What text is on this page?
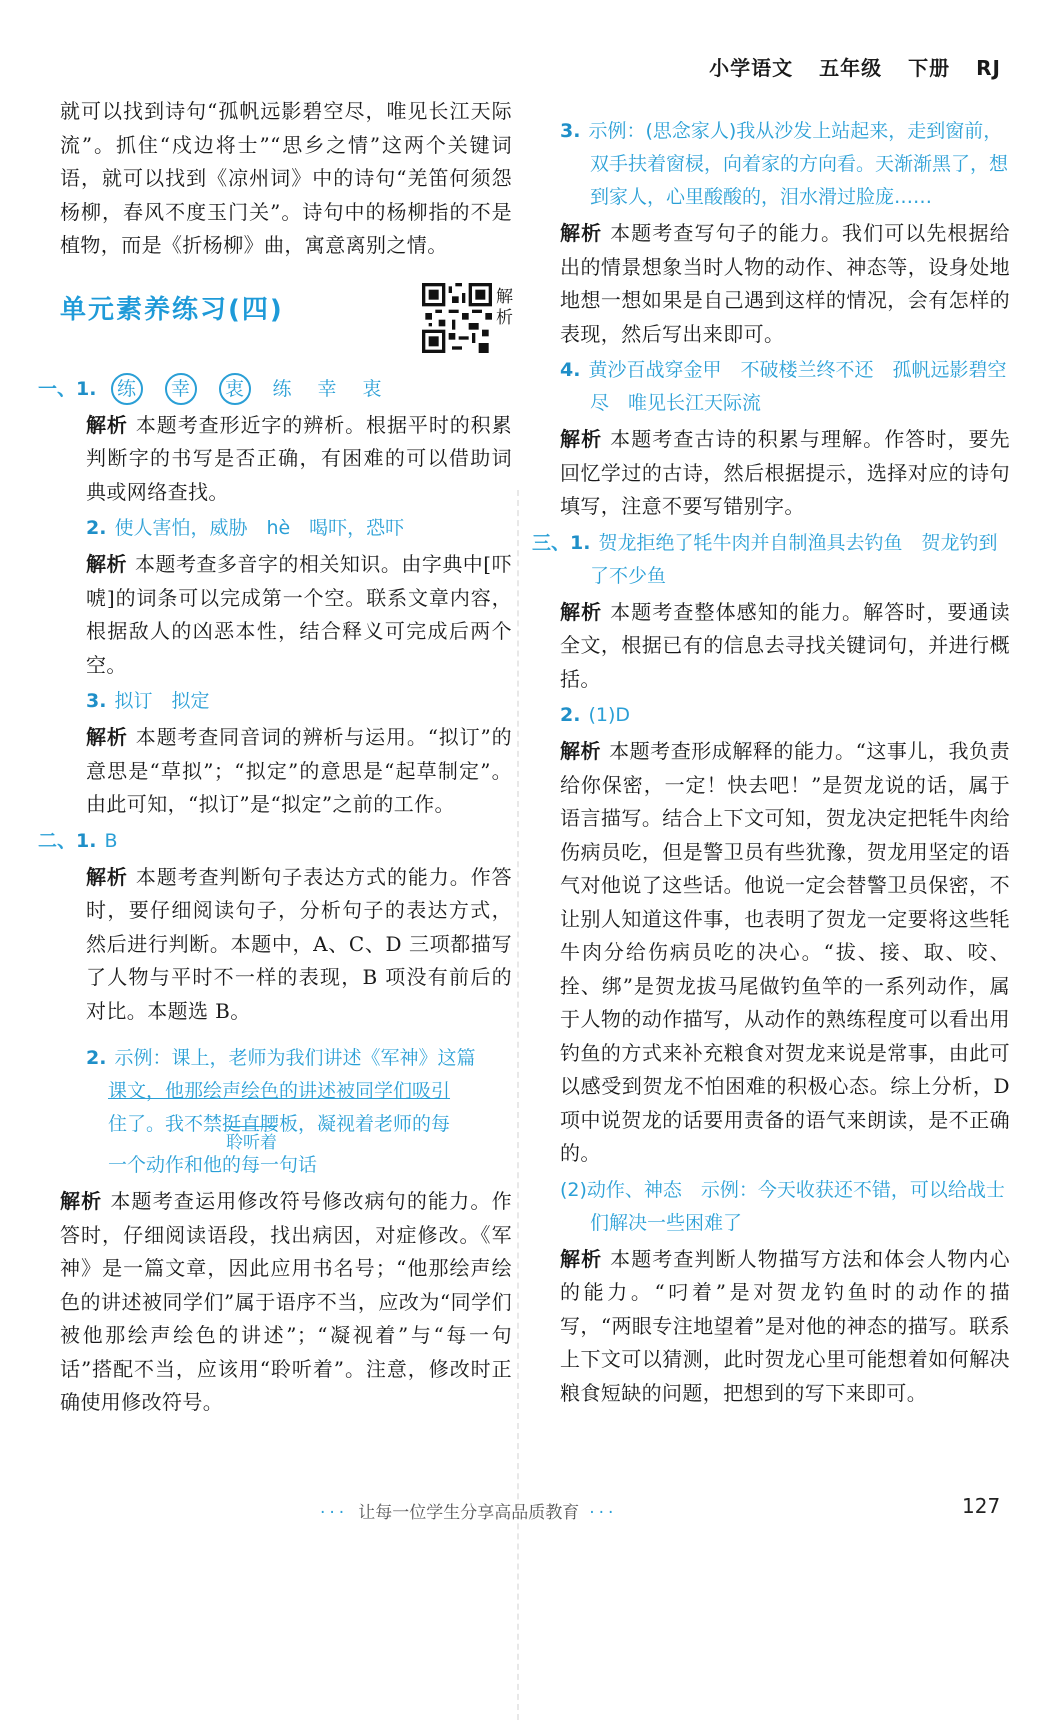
小学语文 五年级 下册 RJ

就可以找到诗句“孤帆远影碧空尽，唯见长江天际流”。抓住“戍边将士”“思乡之情”这两个关键词语，就可以找到《凉州词》中的诗句“羌笛何须怨杨柳，春风不度玉门关”。诗句中的杨柳指的不是植物，而是《折杨柳》曲，寓意离别之情。

单元素养练习(四)	解析
一、1. 练 幸 衷 练 幸 衷

解析 本题考查形近字的辨析。根据平时的积累判断字的书写是否正确，有困难的可以借助词典或网络查找。

2. 使人害怕，威胁　hè　喝吓，恐吓

解析 本题考查多音字的相关知识。由字典中[吓唬]的词条可以完成第一个空。联系文章内容，根据敌人的凶恶本性，结合释义可完成后两个空。

3. 拟订　拟定

解析 本题考查同音词的辨析与运用。“拟订”的意思是“草拟”；“拟定”的意思是“起草制定”。由此可知，“拟订”是“拟定”之前的工作。

二、1. B

解析 本题考查判断句子表达方式的能力。作答时，要仔细阅读句子，分析句子的表达方式，然后进行判断。本题中，A、C、D 三项都描写了人物与平时不一样的表现，B 项没有前后的对比。本题选 B。

2. 示例：课上，老师为我们讲述《军神》这篇
课文，他那绘声绘色的讲述被同学们吸引
住了。我不禁挺直腰板，凝视着老师的每
聆听着
一个动作和他的每一句话

解析 本题考查运用修改符号修改病句的能力。作答时，仔细阅读语段，找出病因，对症修改。《军神》是一篇文章，因此应用书名号；“他那绘声绘色的讲述被同学们”属于语序不当，应改为“同学们被他那绘声绘色的讲述”；“凝视着”与“每一句话”搭配不当，应该用“聆听着”。注意，修改时正确使用修改符号。

3. 示例：(思念家人)我从沙发上站起来，走到窗前，双手扶着窗棂，向着家的方向看。天渐渐黑了，想到家人，心里酸酸的，泪水滑过脸庞……

解析 本题考查写句子的能力。我们可以先根据给出的情景想象当时人物的动作、神态等，设身处地地想一想如果是自己遇到这样的情况，会有怎样的表现，然后写出来即可。

4. 黄沙百战穿金甲　不破楼兰终不还　孤帆远影碧空尽　唯见长江天际流

解析 本题考查古诗的积累与理解。作答时，要先回忆学过的古诗，然后根据提示，选择对应的诗句填写，注意不要写错别字。

三、1. 贺龙拒绝了牦牛肉并自制渔具去钓鱼　贺龙钓到了不少鱼

解析 本题考查整体感知的能力。解答时，要通读全文，根据已有的信息去寻找关键词句，并进行概括。

2. (1)D

解析 本题考查形成解释的能力。“这事儿，我负责给你保密，一定！快去吧！”是贺龙说的话，属于语言描写。结合上下文可知，贺龙决定把牦牛肉给伤病员吃，但是警卫员有些犹豫，贺龙用坚定的语气对他说了这些话。他说一定会替警卫员保密，不让别人知道这件事，也表明了贺龙一定要将这些牦牛肉分给伤病员吃的决心。“拔、接、取、咬、拴、绑”是贺龙拔马尾做钓鱼竿的一系列动作，属于人物的动作描写，从动作的熟练程度可以看出用钓鱼的方式来补充粮食对贺龙来说是常事，由此可以感受到贺龙不怕困难的积极心态。综上分析，D 项中说贺龙的话要用责备的语气来朗读，是不正确的。

(2)动作、神态　示例：今天收获还不错，可以给战士们解决一些困难了

解析 本题考查判断人物描写方法和体会人物内心的能力。“叼着”是对贺龙钓鱼时的动作的描写，“两眼专注地望着”是对他的神态的描写。联系上下文可以猜测，此时贺龙心里可能想着如何解决粮食短缺的问题，把想到的写下来即可。

··· 让每一位学生分享高品质教育 ···	127
